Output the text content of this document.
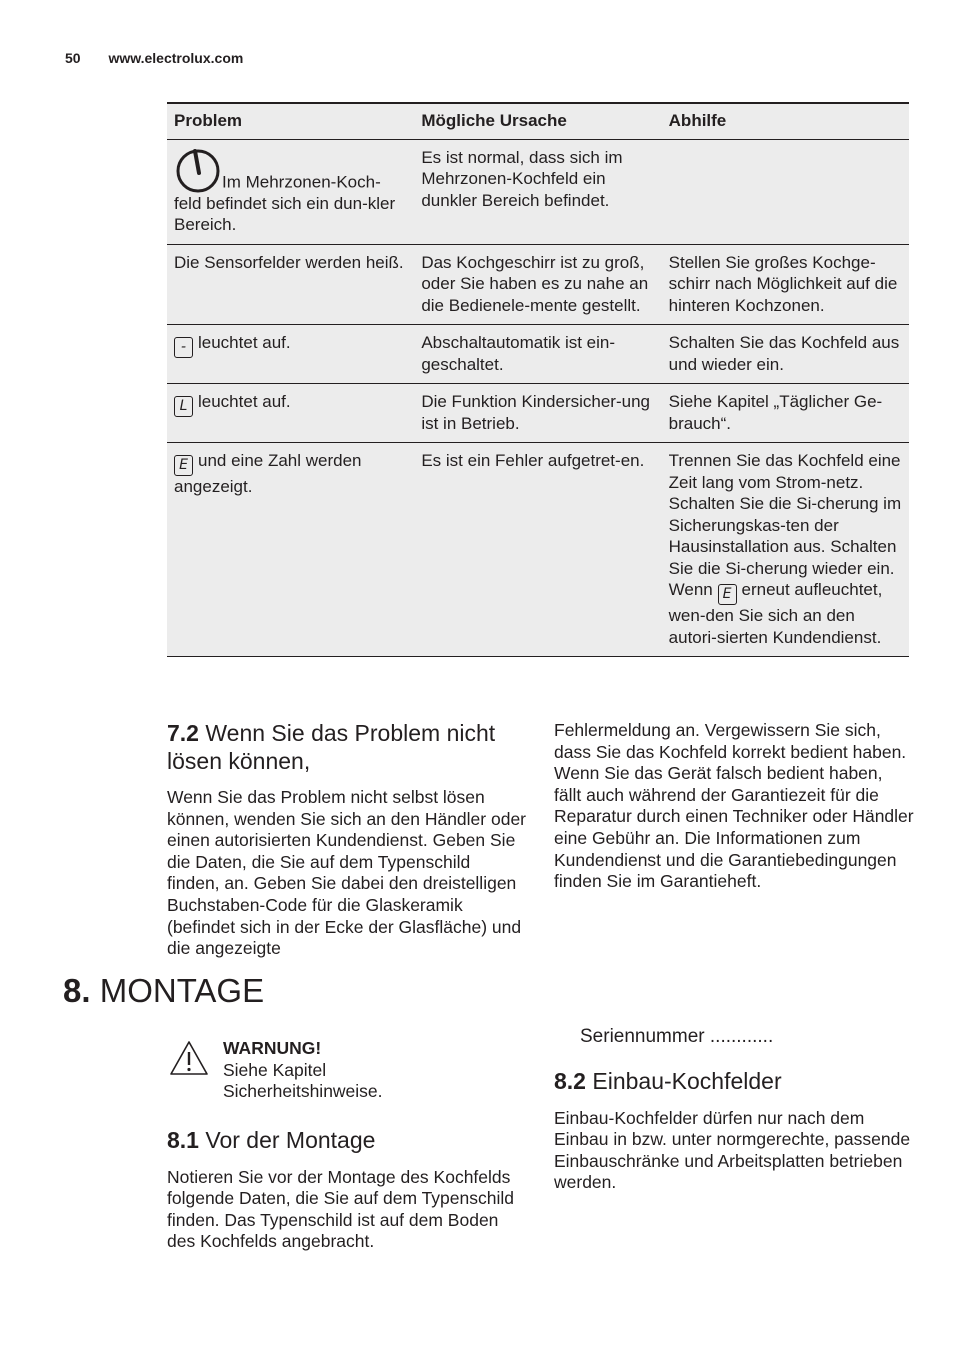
50 www.electrolux.com
Problem	Mögliche Ursache	Abhilfe
Im Mehrzonen-Koch-feld befindet sich ein dun-kler Bereich.	Es ist normal, dass sich im Mehrzonen-Kochfeld ein dunkler Bereich befindet.	
Die Sensorfelder werden heiß.	Das Kochgeschirr ist zu groß, oder Sie haben es zu nahe an die Bedienele-mente gestellt.	Stellen Sie großes Kochge-schirr nach Möglichkeit auf die hinteren Kochzonen.
- leuchtet auf.	Abschaltautomatik ist ein-geschaltet.	Schalten Sie das Kochfeld aus und wieder ein.
L leuchtet auf.	Die Funktion Kindersicher-ung ist in Betrieb.	Siehe Kapitel „Täglicher Ge-brauch“.
E und eine Zahl werden angezeigt.	Es ist ein Fehler aufgetret-en.	Trennen Sie das Kochfeld eine Zeit lang vom Strom-netz. Schalten Sie die Si-cherung im Sicherungskas-ten der Hausinstallation aus. Schalten Sie die Si-cherung wieder ein. Wenn E erneut aufleuchtet, wen-den Sie sich an den autori-sierten Kundendienst.
7.2 Wenn Sie das Problem nicht lösen können,

Wenn Sie das Problem nicht selbst lösen können, wenden Sie sich an den Händler oder einen autorisierten Kundendienst. Geben Sie die Daten, die Sie auf dem Typenschild finden, an. Geben Sie dabei den dreistelligen Buchstaben-Code für die Glaskeramik (befindet sich in der Ecke der Glasfläche) und die angezeigte

Fehlermeldung an. Vergewissern Sie sich, dass Sie das Kochfeld korrekt bedient haben. Wenn Sie das Gerät falsch bedient haben, fällt auch während der Garantiezeit für die Reparatur durch einen Techniker oder Händler eine Gebühr an. Die Informationen zum Kundendienst und die Garantiebedingungen finden Sie im Garantieheft.

8. MONTAGE
WARNUNG!
Siehe Kapitel Sicherheitshinweise.
8.1 Vor der Montage

Notieren Sie vor der Montage des Kochfelds folgende Daten, die Sie auf dem Typenschild finden. Das Typenschild ist auf dem Boden des Kochfelds angebracht.

Seriennummer ............
8.2 Einbau-Kochfelder

Einbau-Kochfelder dürfen nur nach dem Einbau in bzw. unter normgerechte, passende Einbauschränke und Arbeitsplatten betrieben werden.
